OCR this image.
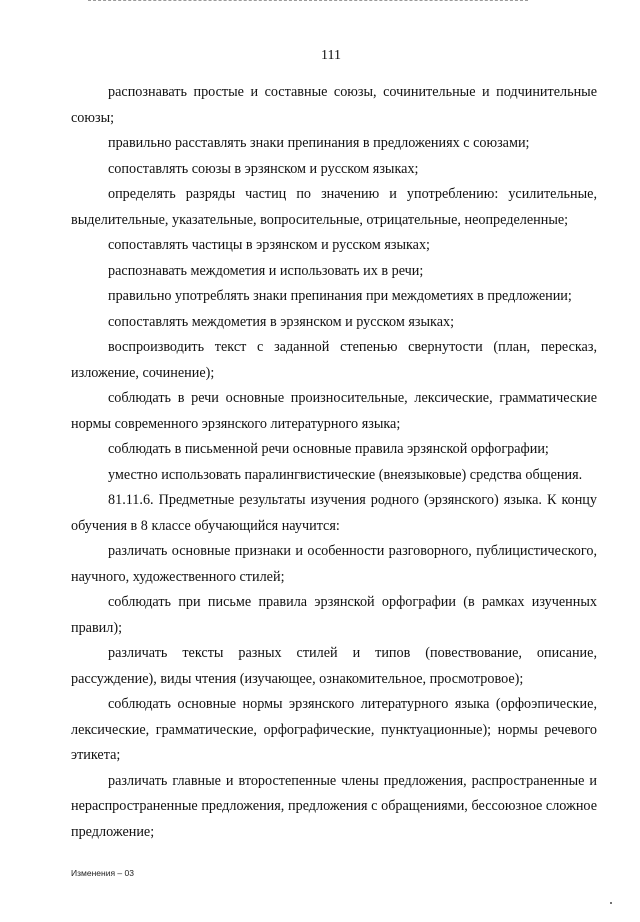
111

распознавать простые и составные союзы, сочинительные и подчинительные союзы;

правильно расставлять знаки препинания в предложениях с союзами;

сопоставлять союзы в эрзянском и русском языках;

определять разряды частиц по значению и употреблению: усилительные, выделительные, указательные, вопросительные, отрицательные, неопределенные;

сопоставлять частицы в эрзянском и русском языках;

распознавать междометия и использовать их в речи;

правильно употреблять знаки препинания при междометиях в предложении;

сопоставлять междометия в эрзянском и русском языках;

воспроизводить текст с заданной степенью свернутости (план, пересказ, изложение, сочинение);

соблюдать в речи основные произносительные, лексические, грамматические нормы современного эрзянского литературного языка;

соблюдать в письменной речи основные правила эрзянской орфографии;

уместно использовать паралингвистические (внеязыковые) средства общения.

81.11.6. Предметные результаты изучения родного (эрзянского) языка. К концу обучения в 8 классе обучающийся научится:

различать основные признаки и особенности разговорного, публицистического, научного, художественного стилей;

соблюдать при письме правила эрзянской орфографии (в рамках изученных правил);

различать тексты разных стилей и типов (повествование, описание, рассуждение), виды чтения (изучающее, ознакомительное, просмотровое);

соблюдать основные нормы эрзянского литературного языка (орфоэпические, лексические, грамматические, орфографические, пунктуационные); нормы речевого этикета;

различать главные и второстепенные члены предложения, распространенные и нераспространенные предложения, предложения с обращениями, бессоюзное сложное предложение;

Изменения – 03
